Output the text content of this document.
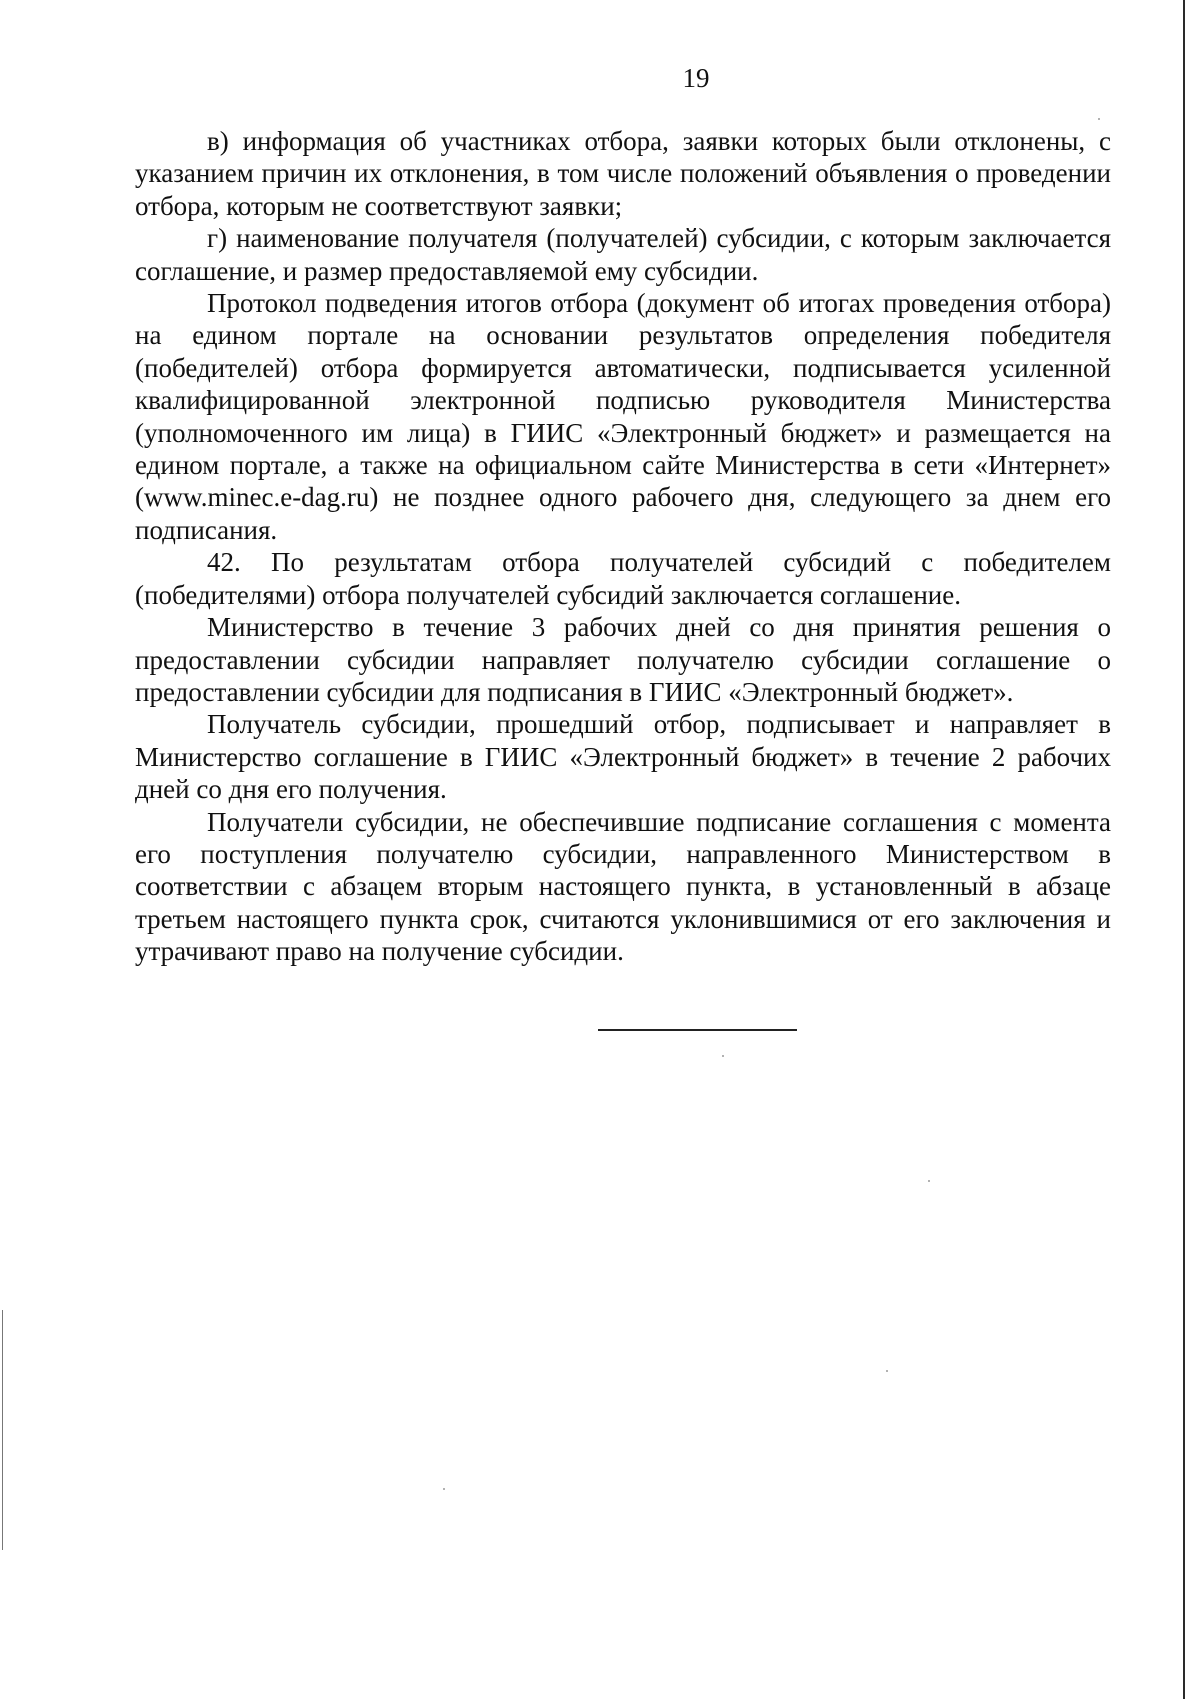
19

в) информация об участниках отбора, заявки которых были отклонены, с указанием причин их отклонения, в том числе положений объявления о проведении отбора, которым не соответствуют заявки;

г) наименование получателя (получателей) субсидии, с которым заключается соглашение, и размер предоставляемой ему субсидии.

Протокол подведения итогов отбора (документ об итогах проведения отбора) на едином портале на основании результатов определения победителя (победителей) отбора формируется автоматически, подписывается усиленной квалифицированной электронной подписью руководителя Министерства (уполномоченного им лица) в ГИИС «Электронный бюджет» и размещается на едином портале, а также на официальном сайте Министерства в сети «Интернет» (www.minec.e-dag.ru) не позднее одного рабочего дня, следующего за днем его подписания.

42. По результатам отбора получателей субсидий с победителем (победителями) отбора получателей субсидий заключается соглашение.

Министерство в течение 3 рабочих дней со дня принятия решения о предоставлении субсидии направляет получателю субсидии соглашение о предоставлении субсидии для подписания в ГИИС «Электронный бюджет».

Получатель субсидии, прошедший отбор, подписывает и направляет в Министерство соглашение в ГИИС «Электронный бюджет» в течение 2 рабочих дней со дня его получения.

Получатели субсидии, не обеспечившие подписание соглашения с момента его поступления получателю субсидии, направленного Министерством в соответствии с абзацем вторым настоящего пункта, в установленный в абзаце третьем настоящего пункта срок, считаются уклонившимися от его заключения и утрачивают право на получение субсидии.
